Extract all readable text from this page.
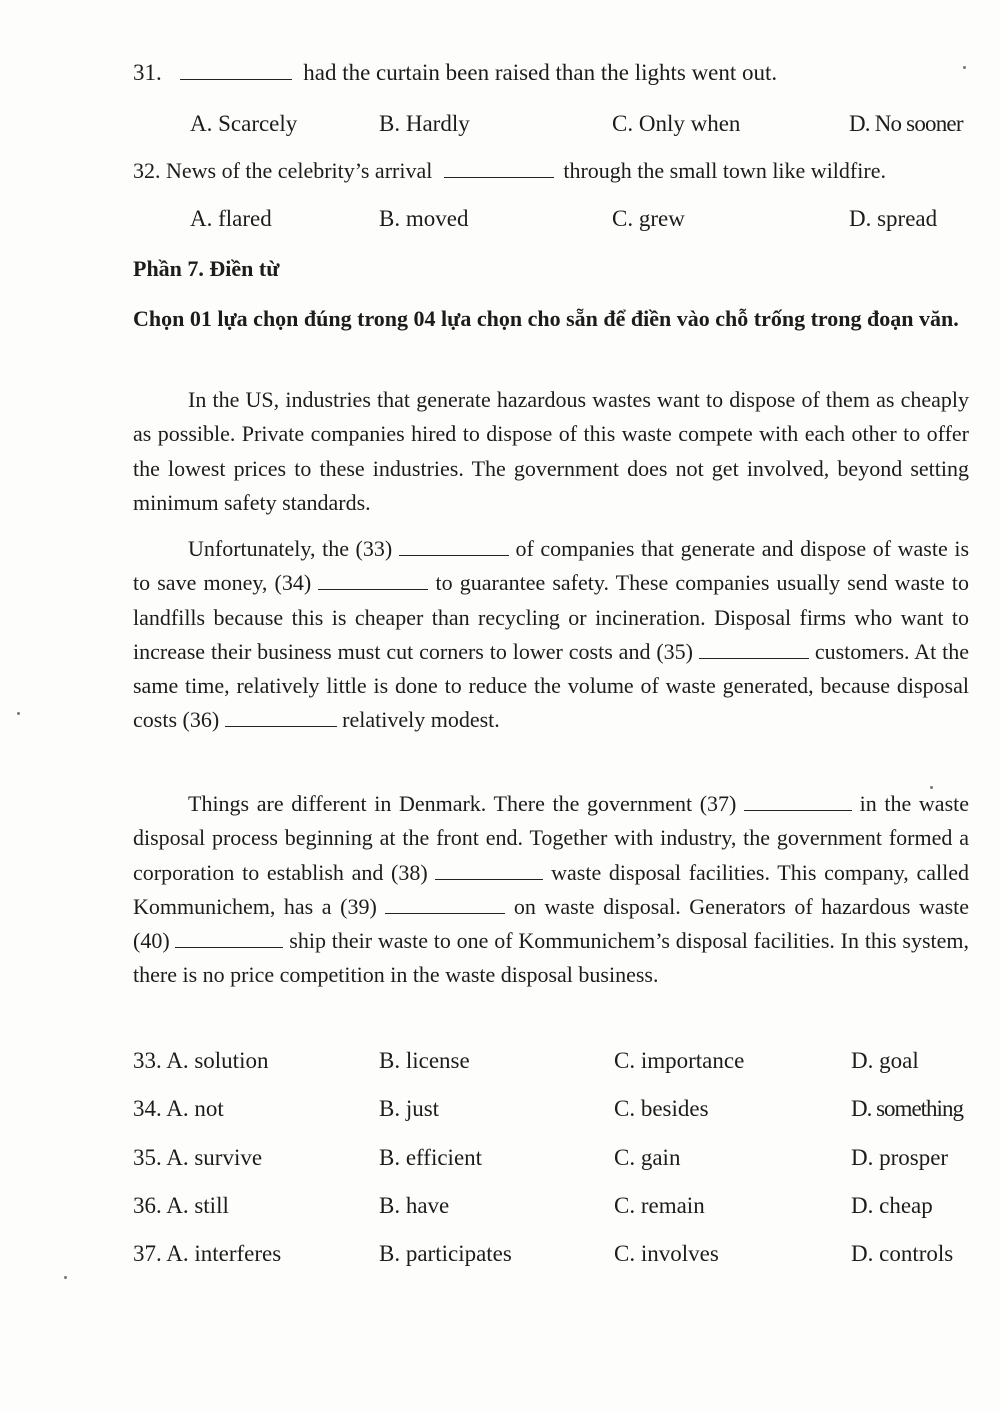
31.	had the curtain been raised than the lights went out.
A. Scarcely	B. Hardly	C. Only when	D. No sooner
32. News of the celebrity’s arrival	through the small town like wildfire.
A. flared	B. moved	C. grew	D. spread
Phần 7. Điền từ
Chọn 01 lựa chọn đúng trong 04 lựa chọn cho sẵn để điền vào chỗ trống trong đoạn văn.

In the US, industries that generate hazardous wastes want to dispose of them as cheaply as possible. Private companies hired to dispose of this waste compete with each other to offer the lowest prices to these industries. The government does not get involved, beyond setting minimum safety standards.

Unfortunately, the (33)	of companies that generate and dispose of waste is to save money, (34)	to guarantee safety. These companies usually send waste to landfills because this is cheaper than recycling or incineration. Disposal firms who want to increase their business must cut corners to lower costs and (35)	customers. At the same time, relatively little is done to reduce the volume of waste generated, because disposal costs (36)	relatively modest.

Things are different in Denmark. There the government (37)	in the waste disposal process beginning at the front end. Together with industry, the government formed a corporation to establish and (38)	waste disposal facilities. This company, called Kommunichem, has a (39)	on waste disposal. Generators of hazardous waste (40)	ship their waste to one of Kommunichem’s disposal facilities. In this system, there is no price competition in the waste disposal business.

33. A. solution	B. license	C. importance	D. goal
34. A. not	B. just	C. besides	D. something
35. A. survive	B. efficient	C. gain	D. prosper
36. A. still	B. have	C. remain	D. cheap
37. A. interferes	B. participates	C. involves	D. controls
